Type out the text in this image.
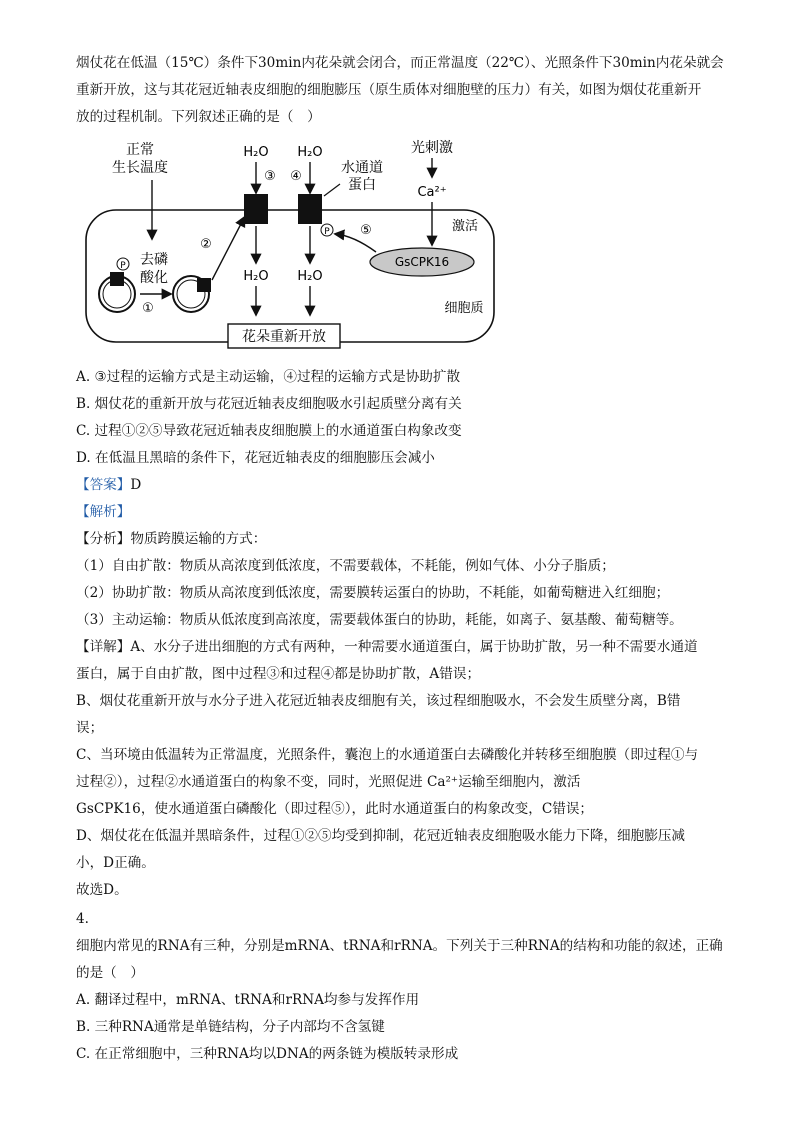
烟仗花在低温（15℃）条件下30min内花朵就会闭合，而正常温度（22℃）、光照条件下30min内花朵就会
重新开放，这与其花冠近轴表皮细胞的细胞膨压（原生质体对细胞壁的压力）有关，如图为烟仗花重新开
放的过程机制。下列叙述正确的是（　）
正常
生长温度
去磷
酸化
P
①
②
H₂O
③
H₂O
H₂O
④
P
H₂O
水通道
蛋白
光刺激
Ca²⁺
激活
GsCPK16
⑤
细胞质
花朵重新开放
A. ③过程的运输方式是主动运输，④过程的运输方式是协助扩散
B. 烟仗花的重新开放与花冠近轴表皮细胞吸水引起质壁分离有关
C. 过程①②⑤导致花冠近轴表皮细胞膜上的水通道蛋白构象改变
D. 在低温且黑暗的条件下，花冠近轴表皮的细胞膨压会减小
【答案】D
【解析】
【分析】物质跨膜运输的方式：
（1）自由扩散：物质从高浓度到低浓度，不需要载体，不耗能，例如气体、小分子脂质；
（2）协助扩散：物质从高浓度到低浓度，需要膜转运蛋白的协助，不耗能，如葡萄糖进入红细胞；
（3）主动运输：物质从低浓度到高浓度，需要载体蛋白的协助，耗能，如离子、氨基酸、葡萄糖等。
【详解】A、水分子进出细胞的方式有两种，一种需要水通道蛋白，属于协助扩散，另一种不需要水通道
蛋白，属于自由扩散，图中过程③和过程④都是协助扩散，A错误；
B、烟仗花重新开放与水分子进入花冠近轴表皮细胞有关，该过程细胞吸水，不会发生质壁分离，B错
误；
C、当环境由低温转为正常温度，光照条件，囊泡上的水通道蛋白去磷酸化并转移至细胞膜（即过程①与
过程②），过程②水通道蛋白的构象不变，同时，光照促进 Ca²⁺运输至细胞内，激活
GsCPK16，使水通道蛋白磷酸化（即过程⑤），此时水通道蛋白的构象改变，C错误；
D、烟仗花在低温并黑暗条件，过程①②⑤均受到抑制，花冠近轴表皮细胞吸水能力下降，细胞膨压减
小，D正确。
故选D。
4.
细胞内常见的RNA有三种，分别是mRNA、tRNA和rRNA。下列关于三种RNA的结构和功能的叙述，正确
的是（　）
A. 翻译过程中，mRNA、tRNA和rRNA均参与发挥作用
B. 三种RNA通常是单链结构，分子内部均不含氢键
C. 在正常细胞中，三种RNA均以DNA的两条链为模版转录形成
